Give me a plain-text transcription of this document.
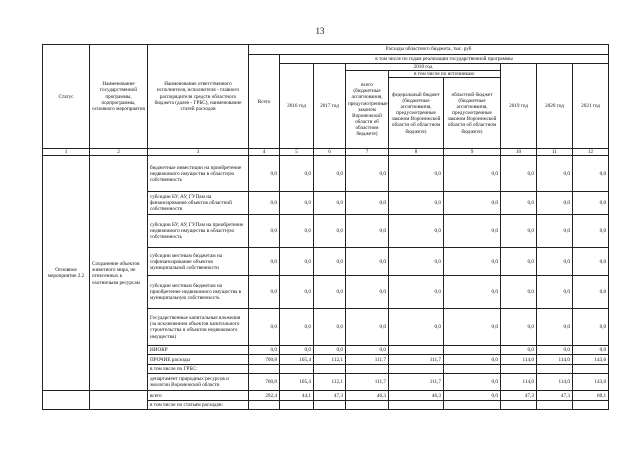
13
Статус	Наименование государственной программы, подпрограммы, основного мероприятия	Наименование ответственного исполнителя, исполнителя - главного распорядителя средств областного бюджета (далее - ГРБС), наименование статей расходов	Расходы областного бюджета, тыс. руб								
			Всего	в том числе по годам реализации государственной программы							
				2016 год	2017 год	2018 год			2019 год	2020 год	2021 год
						всего (бюджетные ассигнования, предусмотренные законом Воронежской области об областном бюджете)	в том числе по источникам:				
							федеральный бюджет (бюджетные ассигнования, предусмотренные законом Воронежской области об областном бюджете)	областной бюджет (бюджетные ассигнования, предусмотренные законом Воронежской области об областном бюджете)			
1	2	3	4	5	6	7	8	9	10	11	12
Основное мероприятие 2.2	Сохранение объектов животного мира, не отнесенных к охотничьим ресурсам	бюджетные инвестиции на приобретение недвижимого имущества в областную собственность	0,0	0,0	0,0	0,0	0,0	0,0	0,0	0,0	0,0
		субсидии БУ, АУ, ГУПам на финансирование объектов областной собственности	0,0	0,0	0,0	0,0	0,0	0,0	0,0	0,0	0,0
		субсидии БУ, АУ, ГУПам на приобретение недвижимого имущества в областную собственность	0,0	0,0	0,0	0,0	0,0	0,0	0,0	0,0	0,0
		субсидии местным бюджетам на софинансирование объектов муниципальной собственности	0,0	0,0	0,0	0,0	0,0	0,0	0,0	0,0	0,0
		субсидии местным бюджетам на приобретение недвижимого имущества в муниципальную собственность	0,0	0,0	0,0	0,0	0,0	0,0	0,0	0,0	0,0
		Государственные капитальные вложения (за исключением объектов капитального строительства и объектов недвижимого имущества)	0,0	0,0	0,0	0,0	0,0	0,0	0,0	0,0	0,0
		НИОКР	0,0	0,0	0,0	0,0			0,0	0,0	0,0
		ПРОЧИЕ расходы	700,8	105,4	112,1	111,7	111,7	0,0	114,0	114,0	143,6
		в том числе по ГРБС:									
		департамент природных ресурсов и экологии Воронежской области	700,8	105,4	112,1	111,7	111,7	0,0	114,0	114,0	143,6
		всего	292,4	44,1	47,3	46,3	46,3	0,0	47,3	47,3	60,1
		в том числе по статьям расходов:									
